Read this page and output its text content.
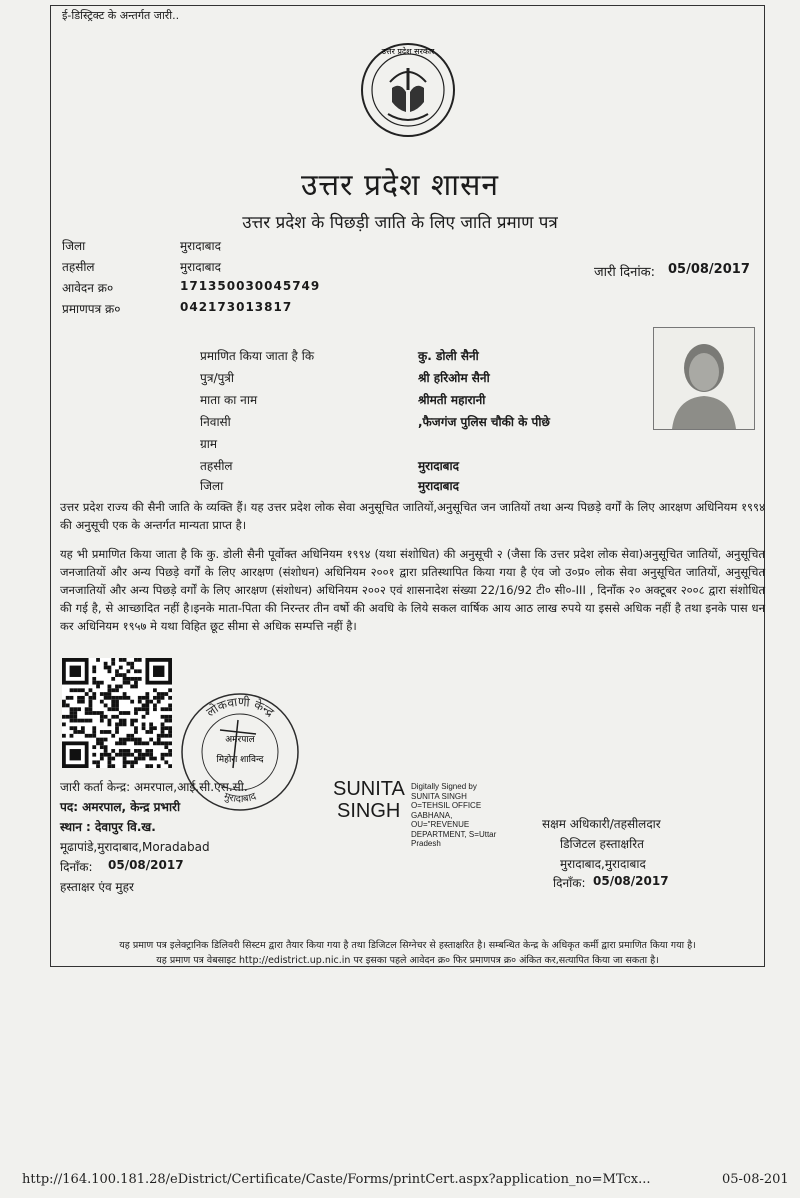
ई-डिस्ट्रिक्ट के अन्तर्गत जारी..
उत्तर प्रदेश सरकार
उत्तर प्रदेश शासन
उत्तर प्रदेश के पिछड़ी जाति के लिए जाति प्रमाण पत्र
जिला	मुरादाबाद
तहसील	मुरादाबाद
आवेदन क्र०	171350030045749
प्रमाणपत्र क्र०	042173013817
जारी दिनांक: 05/08/2017
प्रमाणित किया जाता है कि	कु. डोली सैनी
पुत्र/पुत्री	श्री हरिओम सैनी
माता का नाम	श्रीमती महारानी
निवासी	,फैजगंज पुलिस चौकी के पीछे
ग्राम
तहसील	मुरादाबाद
जिला	मुरादाबाद
उत्तर प्रदेश राज्य की सैनी जाति के व्यक्ति हैं। यह उत्तर प्रदेश लोक सेवा अनुसूचित जातियों,अनुसूचित जन जातियों तथा अन्य पिछड़े वर्गों के लिए आरक्षण अधिनियम १९९४ की अनुसूची एक के अन्तर्गत मान्यता प्राप्त है।
यह भी प्रमाणित किया जाता है कि कु. डोली सैनी पूर्वोक्त अधिनियम १९९४ (यथा संशोधित) की अनुसूची २ (जैसा कि उत्तर प्रदेश लोक सेवा)अनुसूचित जातियों, अनुसूचित जनजातियों और अन्य पिछड़े वर्गों के लिए आरक्षण (संशोधन) अधिनियम २००१ द्वारा प्रतिस्थापित किया गया है एंव जो उ०प्र० लोक सेवा अनुसूचित जातियों, अनुसूचित जनजातियों और अन्य पिछड़े वर्गों के लिए आरक्षण (संशोधन) अधिनियम २००२ एवं शासनादेश संख्या 22/16/92 टी० सी०-III , दिनाँक २० अक्टूबर २००८ द्वारा संशोधित की गई है, से आच्छादित नहीं है।इनके माता-पिता की निरन्तर तीन वर्षो की अवधि के लिये सकल वार्षिक आय आठ लाख रुपये या इससे अधिक नहीं है तथा इनके पास धन कर अधिनियम १९५७ मे यथा विहित छूट सीमा से अधिक सम्पत्ति नहीं है।
लोकवाणी केन्द्र
मुरादाबाद
अमरपाल
मिहोरा शाविन्द
जारी कर्ता केन्द्र: अमरपाल,आई.सी.एस.सी.
पद: अमरपाल, केन्द्र प्रभारी
स्थान : देवापुर वि.ख.
मूढापांडे,मुरादाबाद,Moradabad
दिनाँक: 05/08/2017
हस्ताक्षर एंव मुहर
SUNITA
SINGH
Digitally Signed by
SUNITA SINGH
O=TEHSIL OFFICE
GABHANA,
OU="REVENUE
DEPARTMENT, S=Uttar
Pradesh
सक्षम अधिकारी/तहसीलदार
डिजिटल हस्ताक्षरित
मुरादाबाद,मुरादाबाद
दिनाँक: 05/08/2017
यह प्रमाण पत्र इलेक्ट्रानिक डिलिवरी सिस्टम द्वारा तैयार किया गया है तथा डिजिटल सिग्नेचर से हस्ताक्षरित है। सम्बन्धित केन्द्र के अधिकृत कर्मी द्वारा प्रमाणित किया गया है।
यह प्रमाण पत्र वेबसाइट http://edistrict.up.nic.in पर इसका पहले आवेदन क्र० फिर प्रमाणपत्र क्र० अंकित कर,सत्यापित किया जा सकता है।
http://164.100.181.28/eDistrict/Certificate/Caste/Forms/printCert.aspx?application_no=MTcx...	05-08-201
